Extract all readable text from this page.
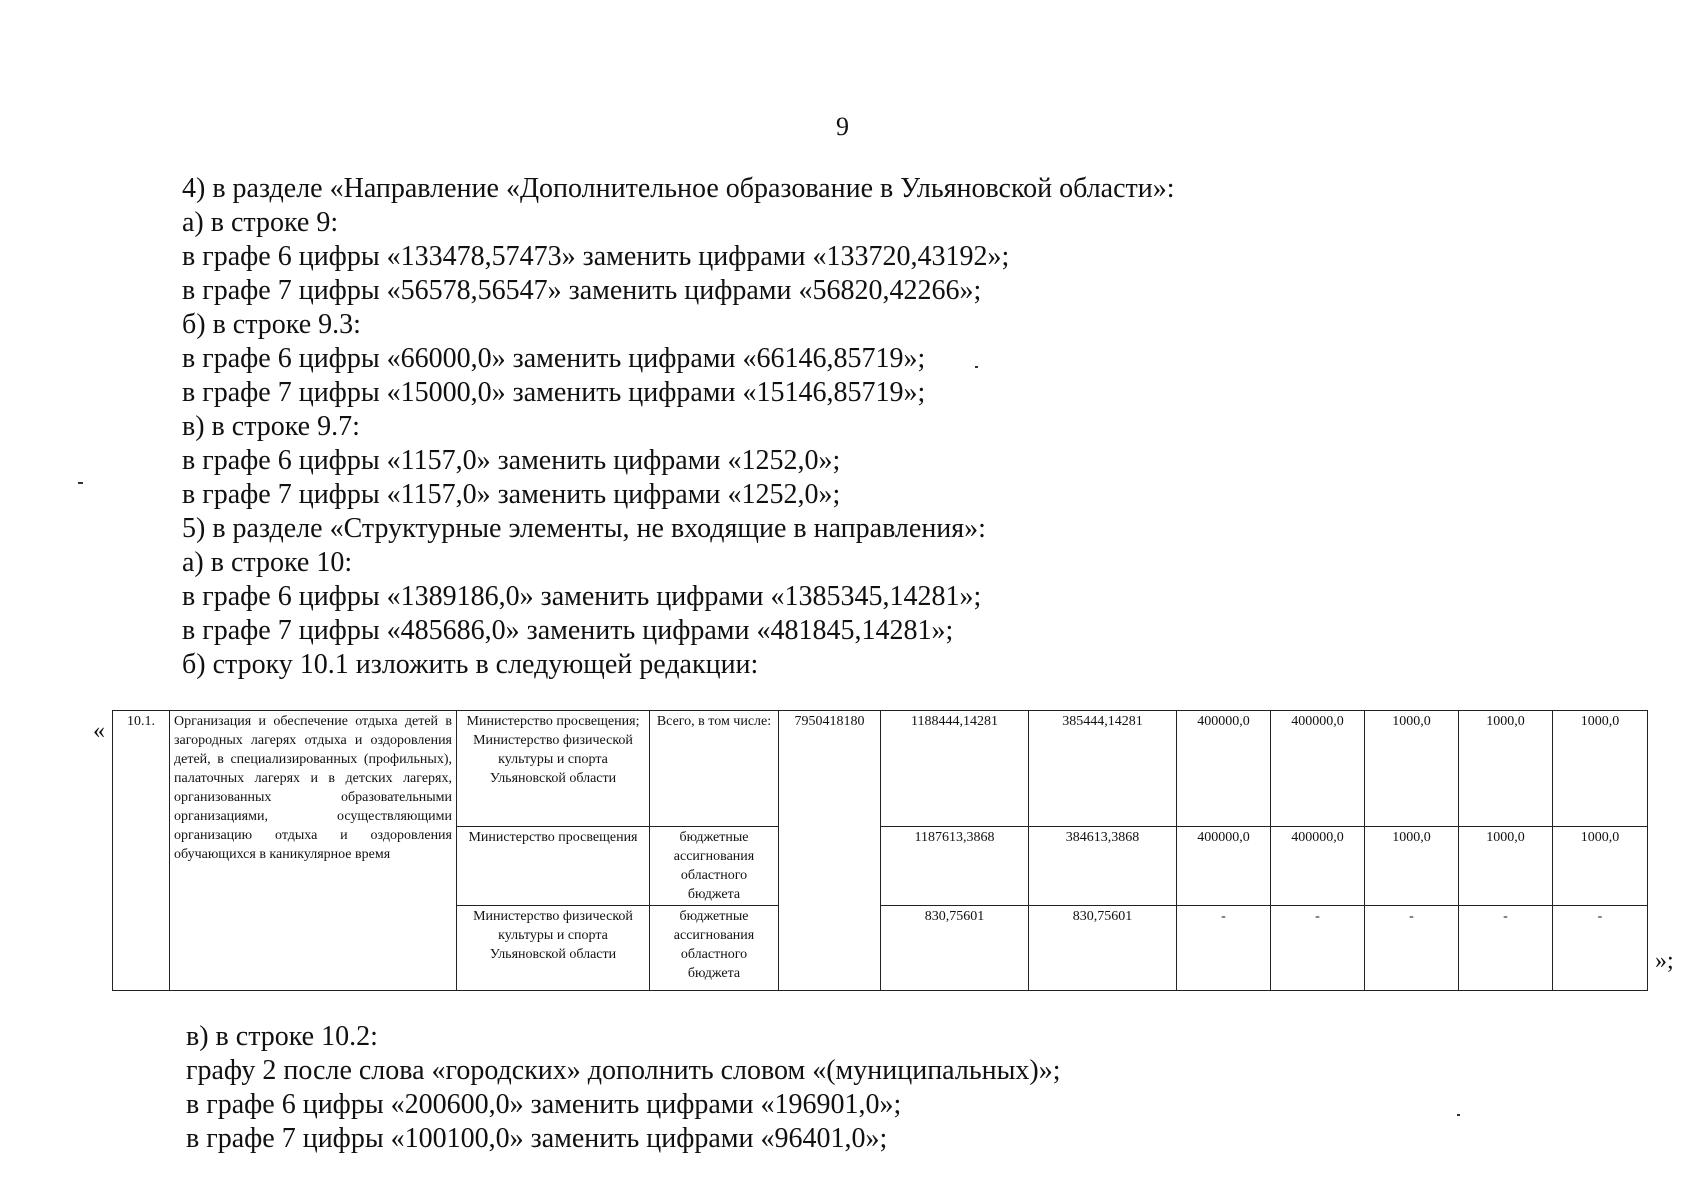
9
4) в разделе «Направление «Дополнительное образование в Ульяновской области»:
а) в строке 9:
в графе 6 цифры «133478,57473» заменить цифрами «133720,43192»;
в графе 7 цифры «56578,56547» заменить цифрами «56820,42266»;
б) в строке 9.3:
в графе 6 цифры «66000,0» заменить цифрами «66146,85719»;
в графе 7 цифры «15000,0» заменить цифрами «15146,85719»;
в) в строке 9.7:
в графе 6 цифры «1157,0» заменить цифрами «1252,0»;
в графе 7 цифры «1157,0» заменить цифрами «1252,0»;
5) в разделе «Структурные элементы, не входящие в направления»:
а) в строке 10:
в графе 6 цифры «1389186,0» заменить цифрами «1385345,14281»;
в графе 7 цифры «485686,0» заменить цифрами «481845,14281»;
б) строку 10.1 изложить в следующей редакции:
« 10.1.	Организация и обеспечение отдыха детей в загородных лагерях отдыха и оздоровления детей, в специализированных (профильных), палаточных лагерях и в детских лагерях, организованных образовательными организациями, осуществляющими организацию отдыха и оздоровления обучающихся в каникулярное время	Министерство просвещения; Министерство физической культуры и спорта Ульяновской области	Всего, в том числе:	7950418180	1188444,14281	385444,14281	400000,0	400000,0	1000,0	1000,0	1000,0
		Министерство просвещения	бюджетные ассигнования областного бюджета		1187613,3868	384613,3868	400000,0	400000,0	1000,0	1000,0	1000,0
		Министерство физической культуры и спорта Ульяновской области	бюджетные ассигнования областного бюджета		830,75601	830,75601	-	-	-	-	-
»;
в) в строке 10.2:
графу 2 после слова «городских» дополнить словом «(муниципальных)»;
в графе 6 цифры «200600,0» заменить цифрами «196901,0»;
в графе 7 цифры «100100,0» заменить цифрами «96401,0»;
